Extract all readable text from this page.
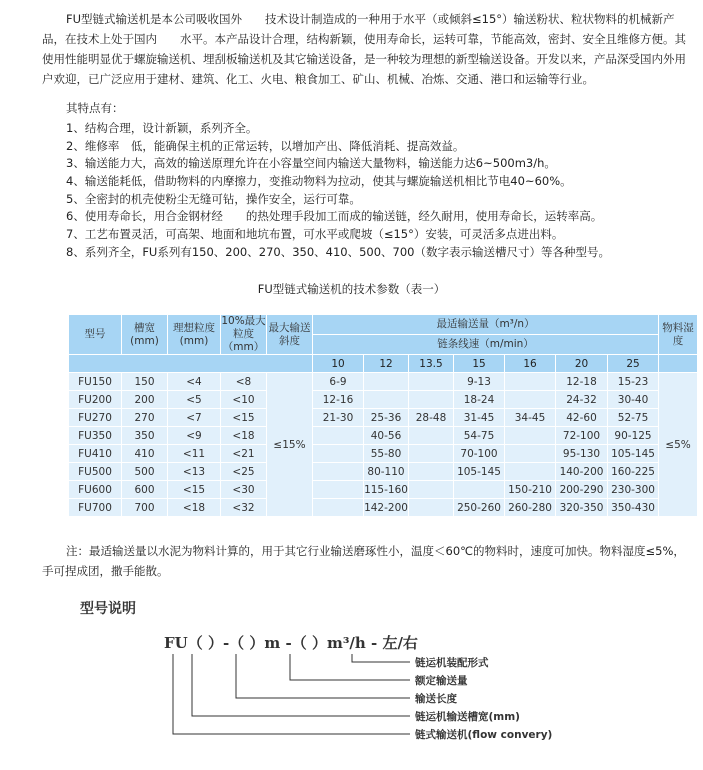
FU型链式输送机是本公司吸收国外　　技术设计制造成的一种用于水平（或倾斜≤15°）输送粉状、粒状物料的机械新产品，在技术上处于国内　　水平。本产品设计合理，结构新颖，使用寿命长，运转可靠，节能高效，密封、安全且维修方便。其使用性能明显优于螺旋输送机、埋刮板输送机及其它输送设备，是一种较为理想的新型输送设备。开发以来，产品深受国内外用户欢迎，已广泛应用于建材、建筑、化工、火电、粮食加工、矿山、机械、冶炼、交通、港口和运输等行业。

其特点有：
1、结构合理，设计新颖，系列齐全。
2、维修率　低，能确保主机的正常运转，以增加产出、降低消耗、提高效益。
3、输送能力大，高效的输送原理允许在小容量空间内输送大量物料，输送能力达6~500m3/h。
4、输送能耗低，借助物料的内摩擦力，变推动物料为拉动，使其与螺旋输送机相比节电40~60%。
5、全密封的机壳使粉尘无缝可钻，操作安全，运行可靠。
6、使用寿命长，用合金钢材经　　的热处理手段加工而成的输送链，经久耐用，使用寿命长，运转率高。
7、工艺布置灵活，可高架、地面和地坑布置，可水平或爬坡（≤15°）安装，可灵活多点进出料。
8、系列齐全，FU系列有150、200、270、350、410、500、700（数字表示输送槽尺寸）等各种型号。
FU型链式输送机的技术参数（表一）
型号	槽宽(mm)	理想粒度(mm)	10%最大粒度（mm）	最大输送斜度	最适输送量（m³/n）							物料湿度
					链条线速（m/min）							
					10	12	13.5	15	16	20	25	
FU150	150	<4	<8	≤15%	6-9			9-13		12-18	15-23	≤5%
FU200	200	<5	<10		12-16			18-24		24-32	30-40	
FU270	270	<7	<15		21-30	25-36	28-48	31-45	34-45	42-60	52-75	
FU350	350	<9	<18			40-56		54-75		72-100	90-125	
FU410	410	<11	<21			55-80		70-100		95-130	105-145	
FU500	500	<13	<25			80-110		105-145		140-200	160-225	
FU600	600	<15	<30			115-160			150-210	200-290	230-300	
FU700	700	<18	<32			142-200		250-260	260-280	320-350	350-430	

注：最适输送量以水泥为物料计算的，用于其它行业输送磨琢性小，温度＜60℃的物料时，速度可加快。物料湿度≤5%，手可捏成团，撒手能散。

型号说明
FU（ ）-（ ）m -（ ）m³/h - 左/右
链运机装配形式
额定输送量
输送长度
链运机输送槽宽(mm)
链式输送机(flow convery)
